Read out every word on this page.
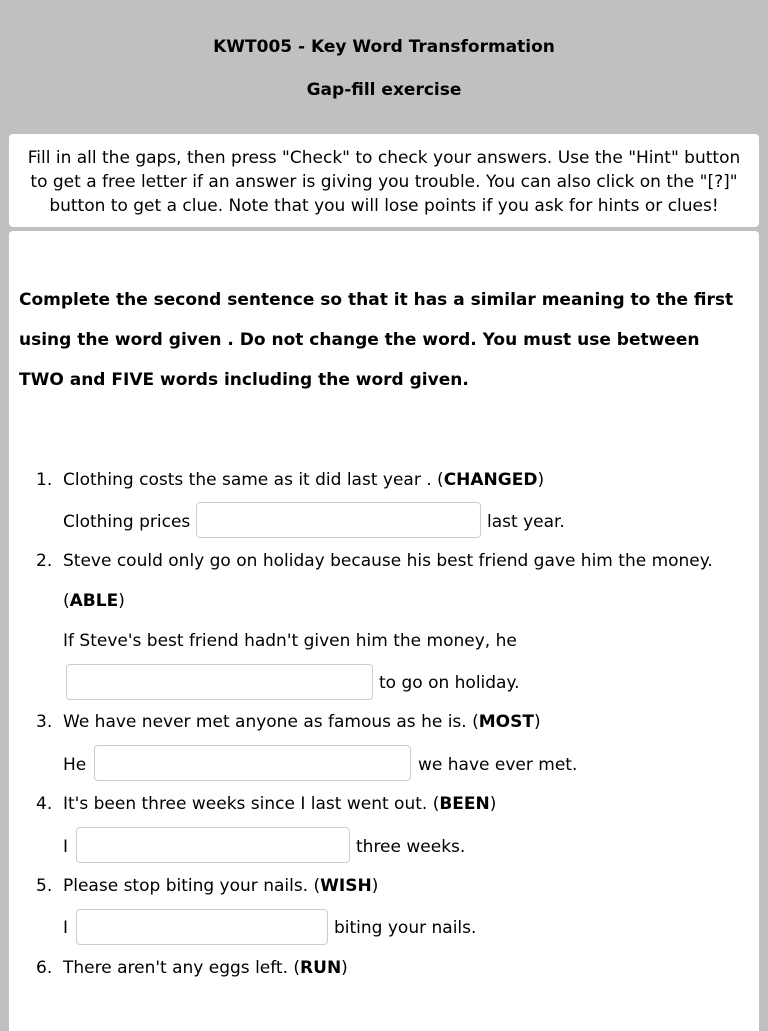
KWT005 - Key Word Transformation
Gap-fill exercise
Fill in all the gaps, then press "Check" to check your answers. Use the "Hint" button to get a free letter if an answer is giving you trouble. You can also click on the "[?]" button to get a clue. Note that you will lose points if you ask for hints or clues!
Complete the second sentence so that it has a similar meaning to the first using the word given . Do not change the word. You must use between TWO and FIVE words including the word given.
1. Clothing costs the same as it did last year . (CHANGED)
Clothing prices	last year.
2. Steve could only go on holiday because his best friend gave him the money.
(ABLE)
If Steve's best friend hadn't given him the money, he
to go on holiday.
3. We have never met anyone as famous as he is. (MOST)
He	we have ever met.
4. It's been three weeks since I last went out. (BEEN)
I	three weeks.
5. Please stop biting your nails. (WISH)
I	biting your nails.
6. There aren't any eggs left. (RUN)
